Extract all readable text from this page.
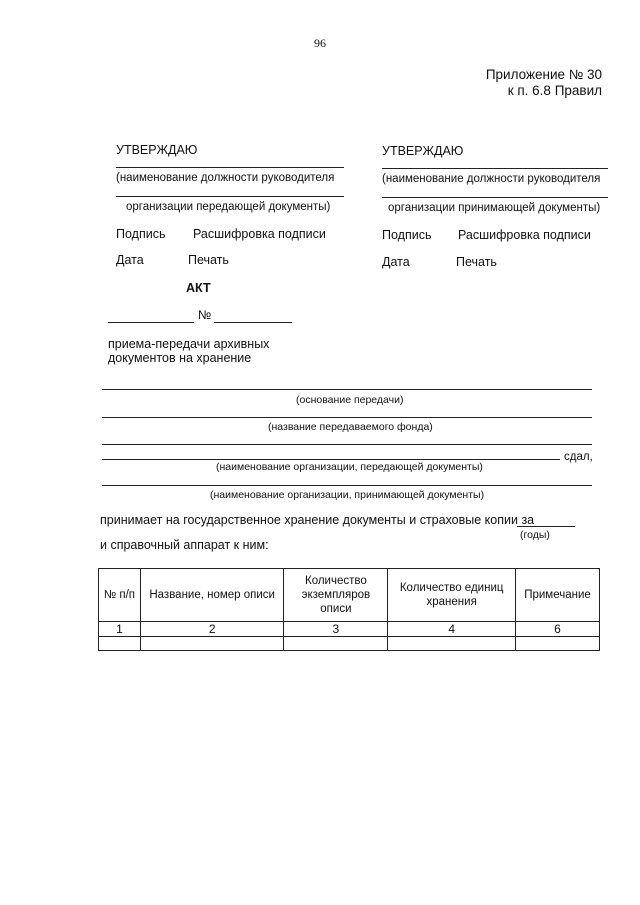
96
Приложение № 30
к п. 6.8 Правил
УТВЕРЖДАЮ
(наименование должности руководителя
организации передающей документы)
Подпись Расшифровка подписи
Дата	Печать
УТВЕРЖДАЮ
(наименование должности руководителя
организации принимающей документы)
Подпись Расшифровка подписи
Дата	Печать
АКТ
№
приема-передачи архивных
документов на хранение
(основание передачи)
(название передаваемого фонда)
сдал,
(наименование организации, передающей документы)
(наименование организации, принимающей документы)
принимает на государственное хранение документы и страховые копии за
(годы)
и справочный аппарат к ним:
№ п/п	Название, номер описи	Количество экземпляров описи	Количество единиц хранения	Примечание
1	2	3	4	6
